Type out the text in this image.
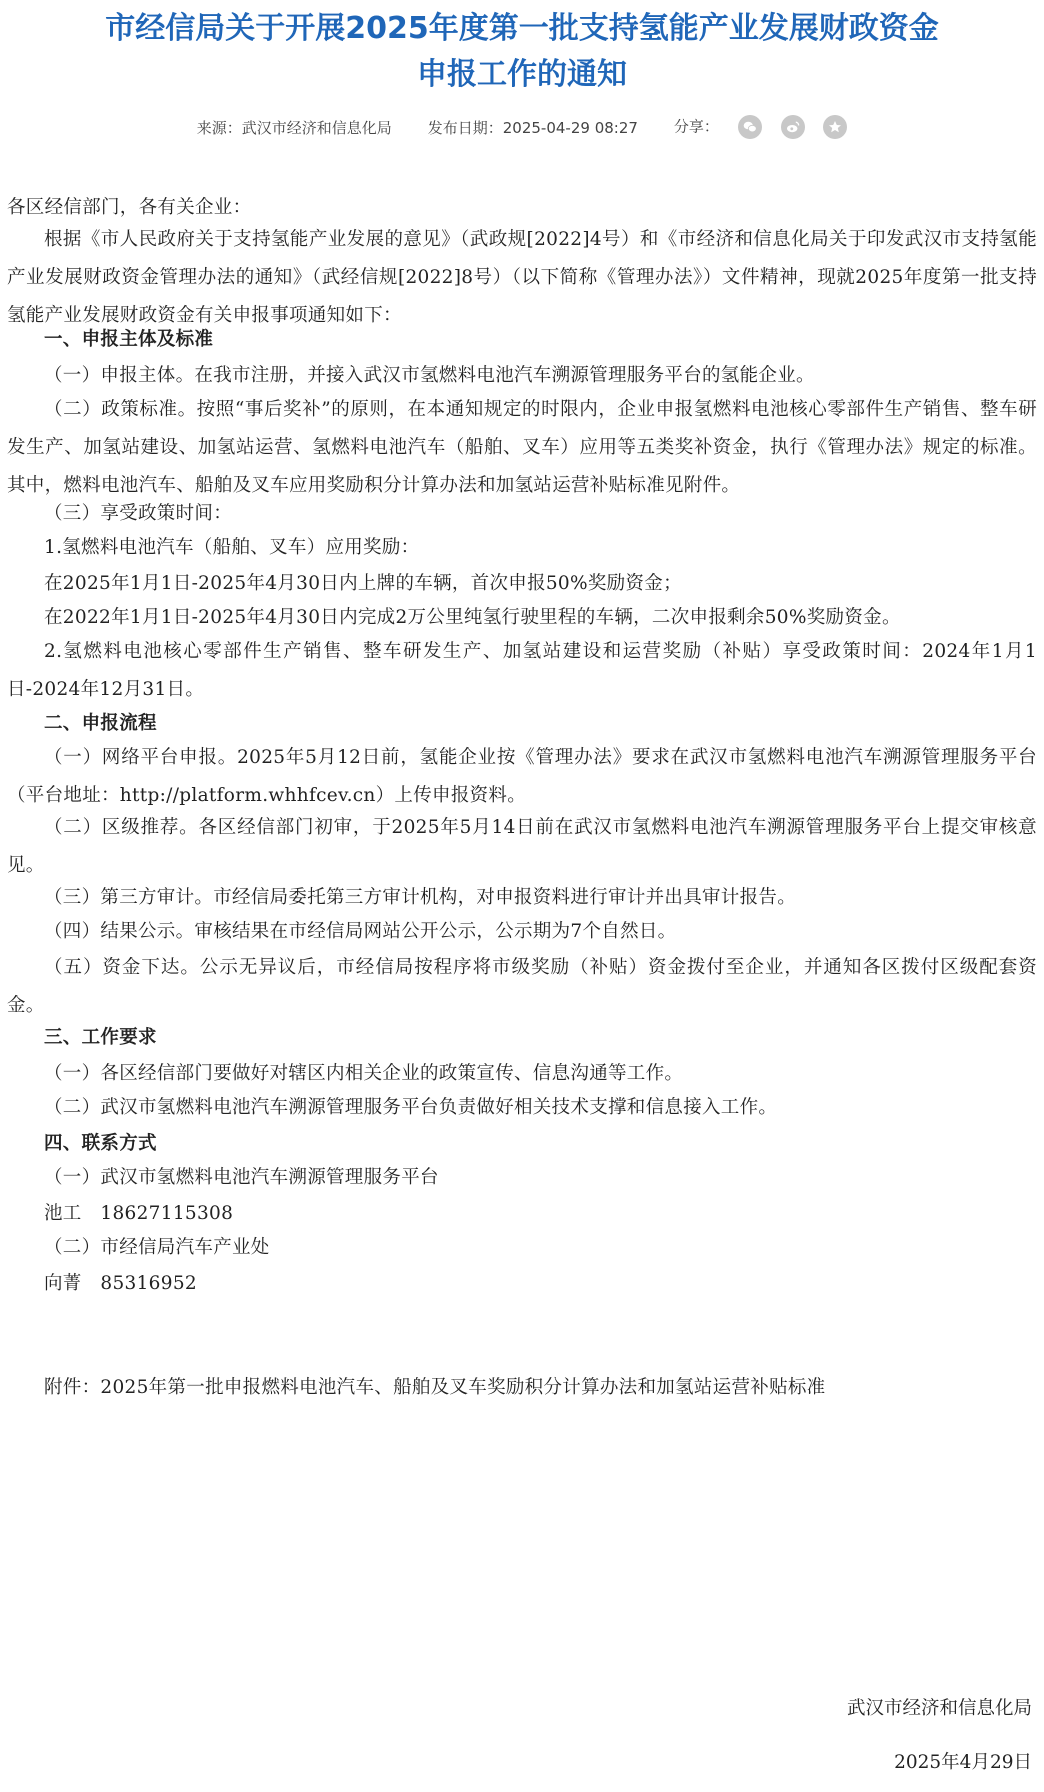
市经信局关于开展2025年度第一批支持氢能产业发展财政资金
申报工作的通知
来源：武汉市经济和信息化局 发布日期：2025-04-29 08:27 分享：

各区经信部门，各有关企业：
根据《市人民政府关于支持氢能产业发展的意见》（武政规[2022]4号）和《市经济和信息化局关于印发武汉市支持氢能产业发展财政资金管理办法的通知》（武经信规[2022]8号）（以下简称《管理办法》）文件精神，现就2025年度第一批支持氢能产业发展财政资金有关申报事项通知如下：
一、申报主体及标准
（一）申报主体。在我市注册，并接入武汉市氢燃料电池汽车溯源管理服务平台的氢能企业。
（二）政策标准。按照“事后奖补”的原则，在本通知规定的时限内，企业申报氢燃料电池核心零部件生产销售、整车研发生产、加氢站建设、加氢站运营、氢燃料电池汽车（船舶、叉车）应用等五类奖补资金，执行《管理办法》规定的标准。其中，燃料电池汽车、船舶及叉车应用奖励积分计算办法和加氢站运营补贴标准见附件。
（三）享受政策时间：
1.氢燃料电池汽车（船舶、叉车）应用奖励：
在2025年1月1日-2025年4月30日内上牌的车辆，首次申报50%奖励资金；
在2022年1月1日-2025年4月30日内完成2万公里纯氢行驶里程的车辆，二次申报剩余50%奖励资金。
2.氢燃料电池核心零部件生产销售、整车研发生产、加氢站建设和运营奖励（补贴）享受政策时间：2024年1月1日-2024年12月31日。
二、申报流程
（一）网络平台申报。2025年5月12日前，氢能企业按《管理办法》要求在武汉市氢燃料电池汽车溯源管理服务平台（平台地址：http://platform.whhfcev.cn）上传申报资料。
（二）区级推荐。各区经信部门初审，于2025年5月14日前在武汉市氢燃料电池汽车溯源管理服务平台上提交审核意见。
（三）第三方审计。市经信局委托第三方审计机构，对申报资料进行审计并出具审计报告。
（四）结果公示。审核结果在市经信局网站公开公示，公示期为7个自然日。
（五）资金下达。公示无异议后，市经信局按程序将市级奖励（补贴）资金拨付至企业，并通知各区拨付区级配套资金。
三、工作要求
（一）各区经信部门要做好对辖区内相关企业的政策宣传、信息沟通等工作。
（二）武汉市氢燃料电池汽车溯源管理服务平台负责做好相关技术支撑和信息接入工作。
四、联系方式
（一）武汉市氢燃料电池汽车溯源管理服务平台
池工　18627115308
（二）市经信局汽车产业处
向菁　85316952
附件：2025年第一批申报燃料电池汽车、船舶及叉车奖励积分计算办法和加氢站运营补贴标准
武汉市经济和信息化局
2025年4月29日
